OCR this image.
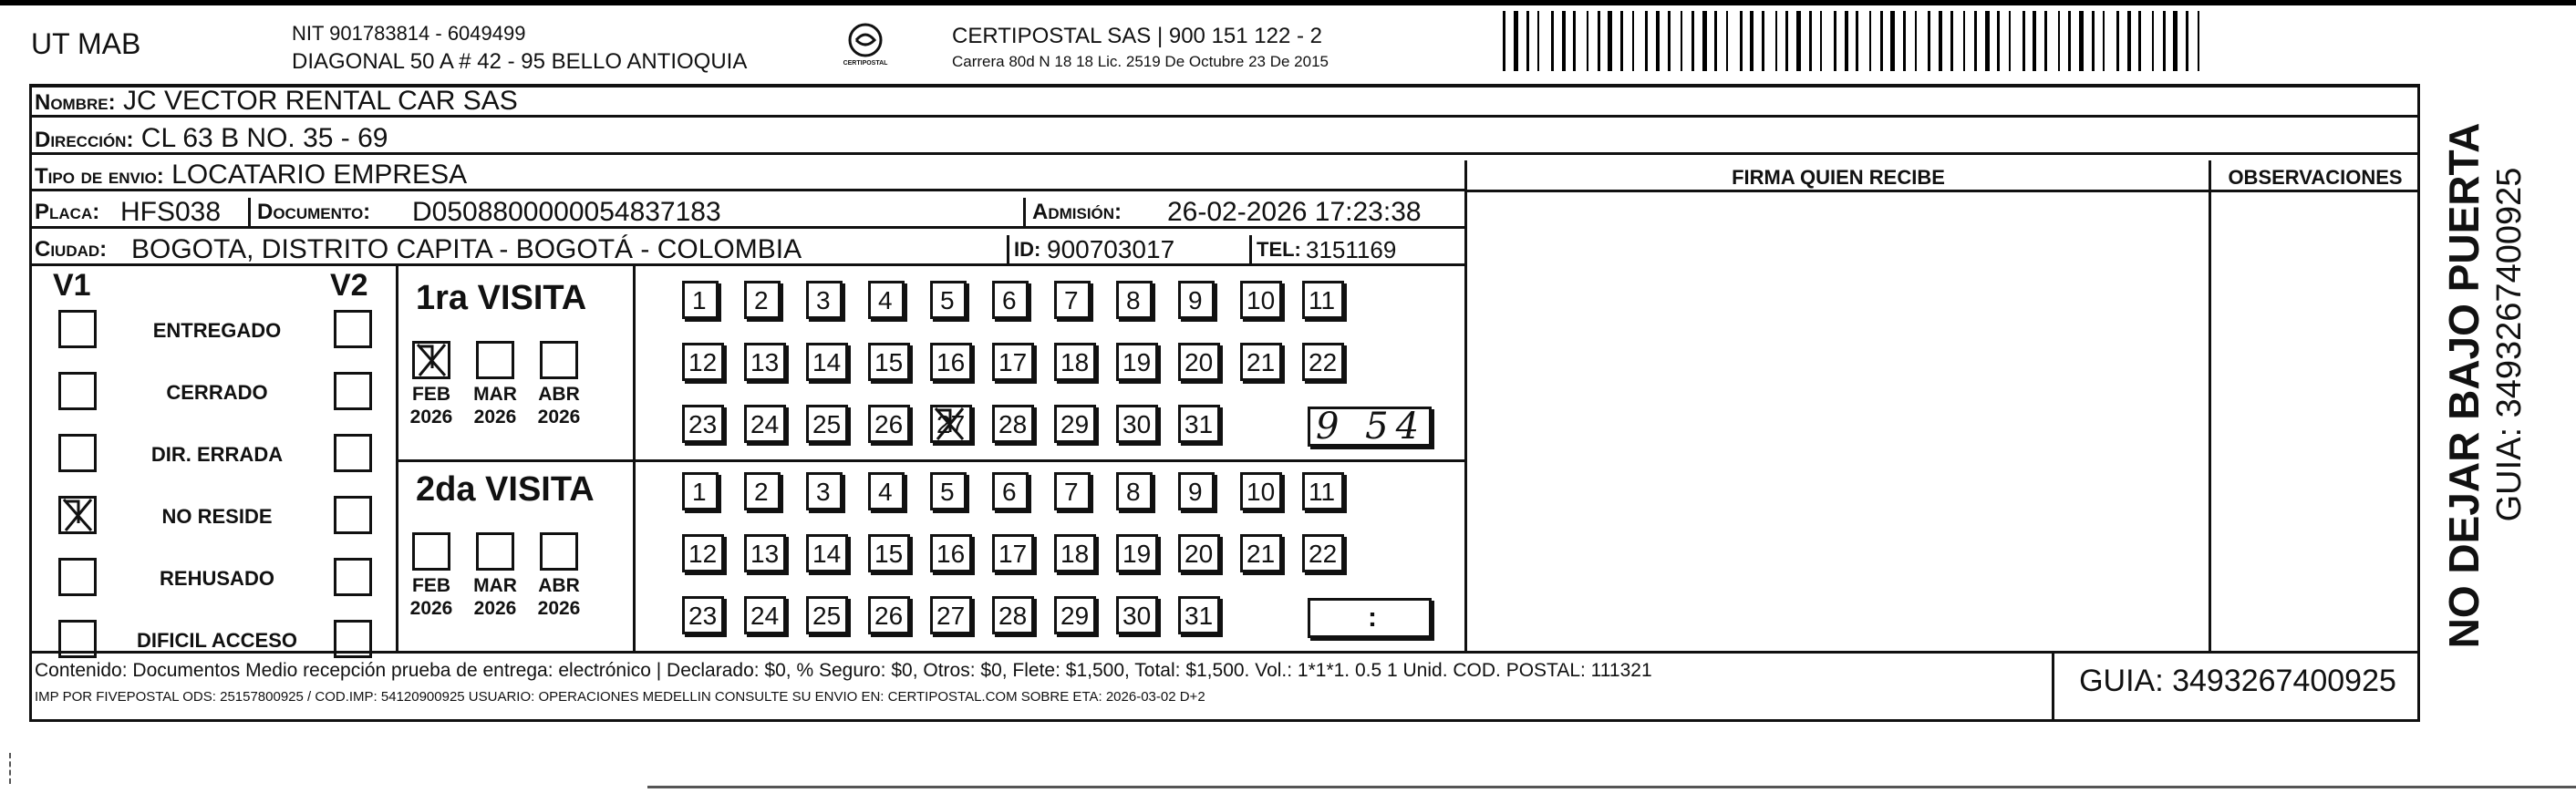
UT MAB	NIT 901783814 - 6049499
DIAGONAL 50 A # 42 - 95 BELLO ANTIOQUIA	CERTIPOSTAL
CERTIPOSTAL SAS | 900 151 122 - 2
Carrera 80d N 18 18 Lic. 2519 De Octubre 23 De 2015
Nombre: JC VECTOR RENTAL CAR SAS
Dirección: CL 63 B NO. 35 - 69
FIRMA QUIEN RECIBE	OBSERVACIONES
Tipo de envio: LOCATARIO EMPRESA
Placa: HFS038 Documento: D0508800000054837183	Admisión: 26-02-2026 17:23:38
Ciudad: BOGOTA, DISTRITO CAPITA - BOGOTÁ - COLOMBIA	ID: 900703017	TEL: 3151169
V1	V2
ENTREGADO
CERRADO
DIR. ERRADA
NO RESIDE
REHUSADO
DIFICIL ACCESO
1ra VISITA
FEB
2026
MAR
2026
ABR
2026
1	2	3	4	5	6	7	8	9	10 11
12 13 14 15 16 17 18 19 20 21 22
23 24 25 26 27 28 29 30 31	9 54
2da VISITA
FEB
2026
MAR
2026
ABR
2026
1	2	3	4	5	6	7	8	9	10 11
12 13 14 15 16 17 18 19 20 21 22
23 24 25 26 27 28 29 30 31	:
Contenido: Documentos Medio recepción prueba de entrega: electrónico | Declarado: $0, % Seguro: $0, Otros: $0, Flete: $1,500, Total: $1,500. Vol.: 1*1*1. 0.5 1 Unid. COD. POSTAL: 111321
IMP POR FIVEPOSTAL ODS: 25157800925 / COD.IMP: 54120900925 USUARIO: OPERACIONES MEDELLIN CONSULTE SU ENVIO EN: CERTIPOSTAL.COM SOBRE ETA: 2026-03-02 D+2	GUIA: 3493267400925
NO DEJAR BAJO PUERTA GUIA: 3493267400925
